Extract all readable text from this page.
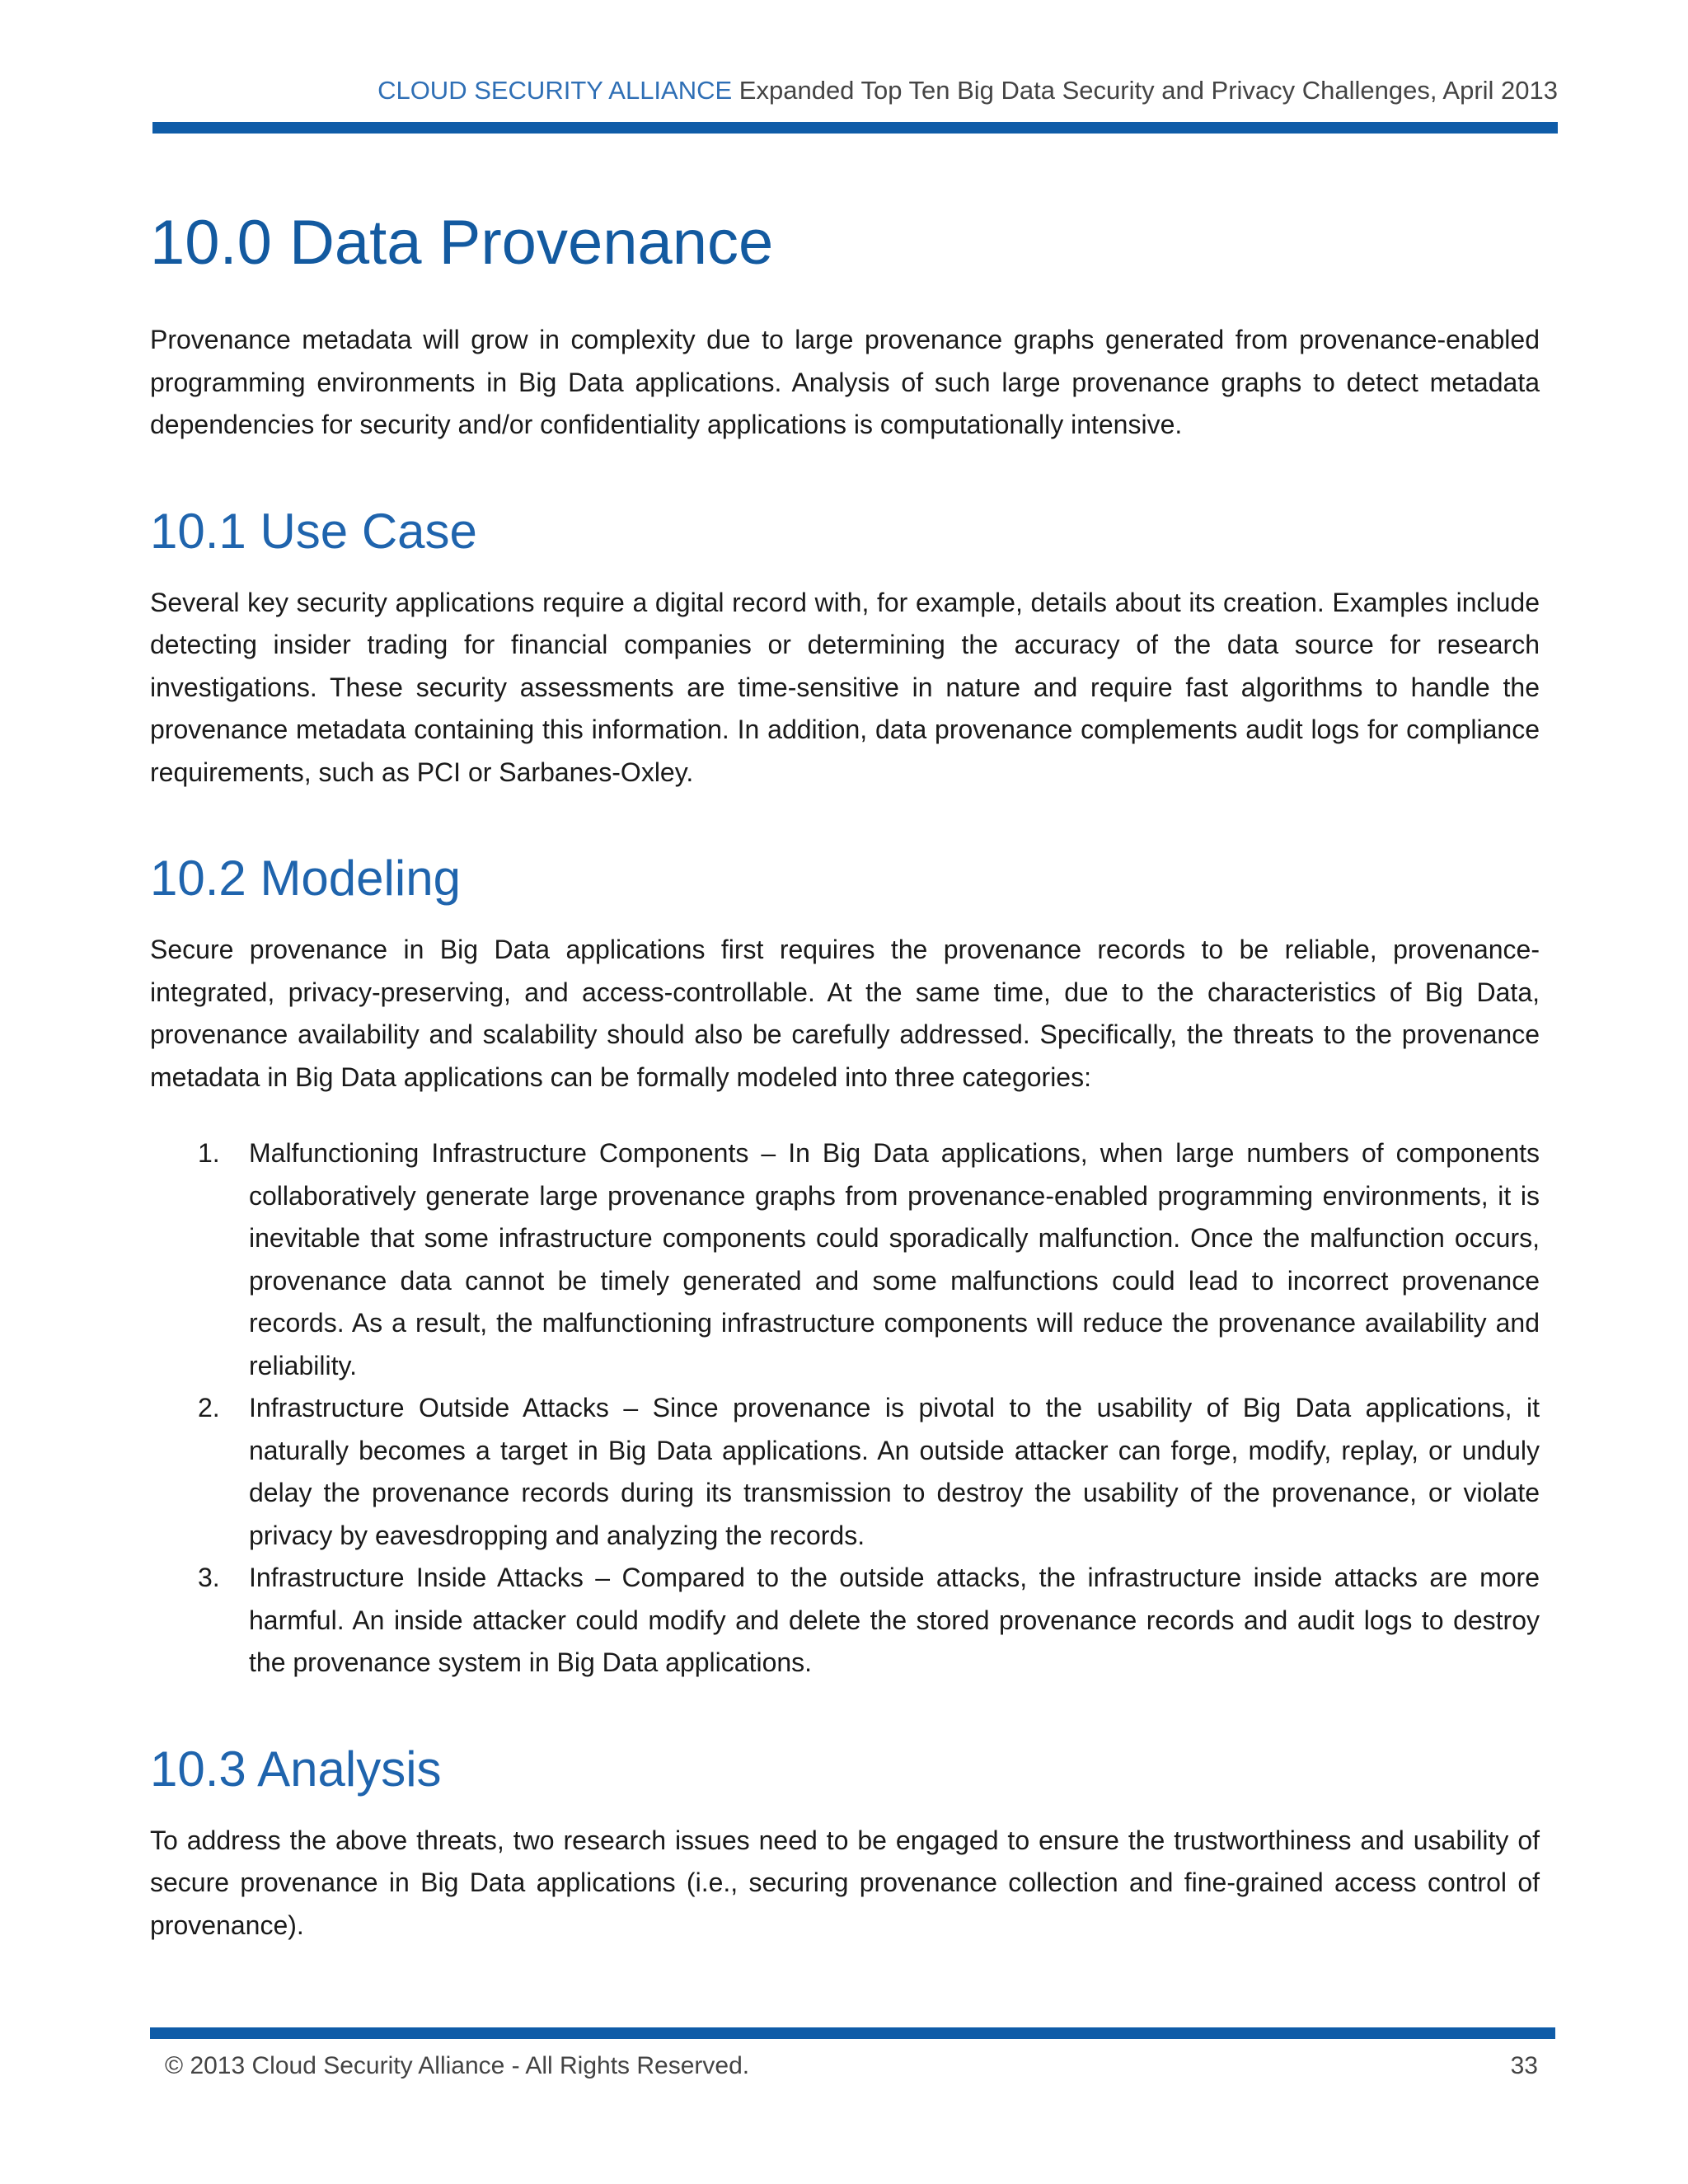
CLOUD SECURITY ALLIANCE Expanded Top Ten Big Data Security and Privacy Challenges, April 2013
10.0 Data Provenance

Provenance metadata will grow in complexity due to large provenance graphs generated from provenance-enabled programming environments in Big Data applications. Analysis of such large provenance graphs to detect metadata dependencies for security and/or confidentiality applications is computationally intensive.

10.1 Use Case

Several key security applications require a digital record with, for example, details about its creation. Examples include detecting insider trading for financial companies or determining the accuracy of the data source for research investigations. These security assessments are time-sensitive in nature and require fast algorithms to handle the provenance metadata containing this information. In addition, data provenance complements audit logs for compliance requirements, such as PCI or Sarbanes-Oxley.

10.2 Modeling

Secure provenance in Big Data applications first requires the provenance records to be reliable, provenance-integrated, privacy-preserving, and access-controllable. At the same time, due to the characteristics of Big Data, provenance availability and scalability should also be carefully addressed. Specifically, the threats to the provenance metadata in Big Data applications can be formally modeled into three categories:

1. Malfunctioning Infrastructure Components – In Big Data applications, when large numbers of components collaboratively generate large provenance graphs from provenance-enabled programming environments, it is inevitable that some infrastructure components could sporadically malfunction. Once the malfunction occurs, provenance data cannot be timely generated and some malfunctions could lead to incorrect provenance records. As a result, the malfunctioning infrastructure components will reduce the provenance availability and reliability.
2. Infrastructure Outside Attacks – Since provenance is pivotal to the usability of Big Data applications, it naturally becomes a target in Big Data applications. An outside attacker can forge, modify, replay, or unduly delay the provenance records during its transmission to destroy the usability of the provenance, or violate privacy by eavesdropping and analyzing the records.
3. Infrastructure Inside Attacks – Compared to the outside attacks, the infrastructure inside attacks are more harmful. An inside attacker could modify and delete the stored provenance records and audit logs to destroy the provenance system in Big Data applications.
10.3 Analysis

To address the above threats, two research issues need to be engaged to ensure the trustworthiness and usability of secure provenance in Big Data applications (i.e., securing provenance collection and fine-grained access control of provenance).

© 2013 Cloud Security Alliance - All Rights Reserved.	33
